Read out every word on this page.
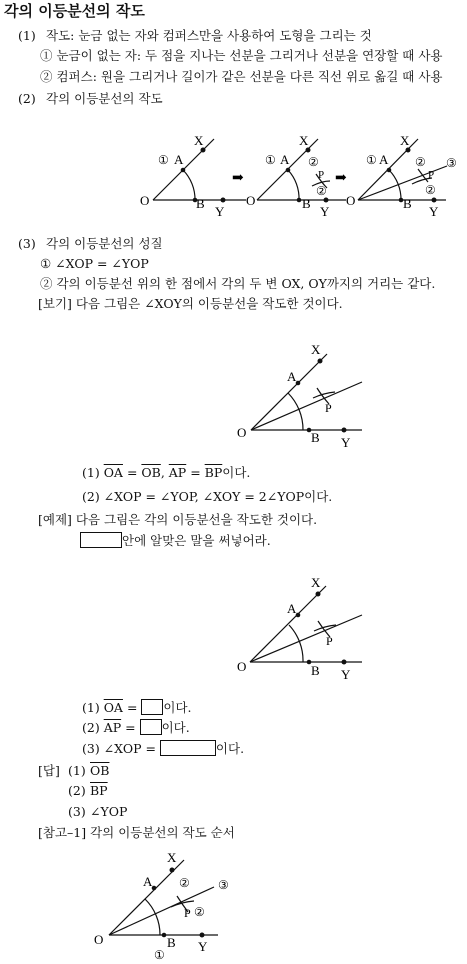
각의 이등분선의 작도
(1) 작도: 눈금 없는 자와 컴퍼스만을 사용하여 도형을 그리는 것
① 눈금이 없는 자: 두 점을 지나는 선분을 그리거나 선분을 연장할 때 사용
② 컴퍼스: 원을 그리거나 길이가 같은 선분을 다른 직선 위로 옮길 때 사용
(2) 각의 이등분선의 작도
(3) 각의 이등분선의 성질
① ∠XOP = ∠YOP
② 각의 이등분선 위의 한 점에서 각의 두 변 OX, OY까지의 거리는 같다.
[보기] 다음 그림은 ∠XOY의 이등분선을 작도한 것이다.
(1) $\overline{OA} = \overline{OB}$, $\overline{AP} = \overline{BP}$이다.
(2) ∠XOP = ∠YOP, ∠XOY = 2∠YOP이다.
[예제] 다음 그림은 각의 이등분선을 작도한 것이다.
안에 알맞은 말을 써넣어라.
(1) $\overline{OA}$ = 이다.
(2) $\overline{AP}$ = 이다.
(3) ∠XOP =	이다.
[답] (1) $\overline{OB}$
(2) $\overline{BP}$
(3) ∠YOP
[참고–1] 각의 이등분선의 작도 순서
O
A
B
X
Y
①
O
A
B
X
Y
P
①	②
②
O
A
B
X
Y
P
①	②
②
③
➡	➡
O
A
B
X
Y
P
O
A
B
X
Y
P
O
A
B
X
Y
P
①
②
②
③
